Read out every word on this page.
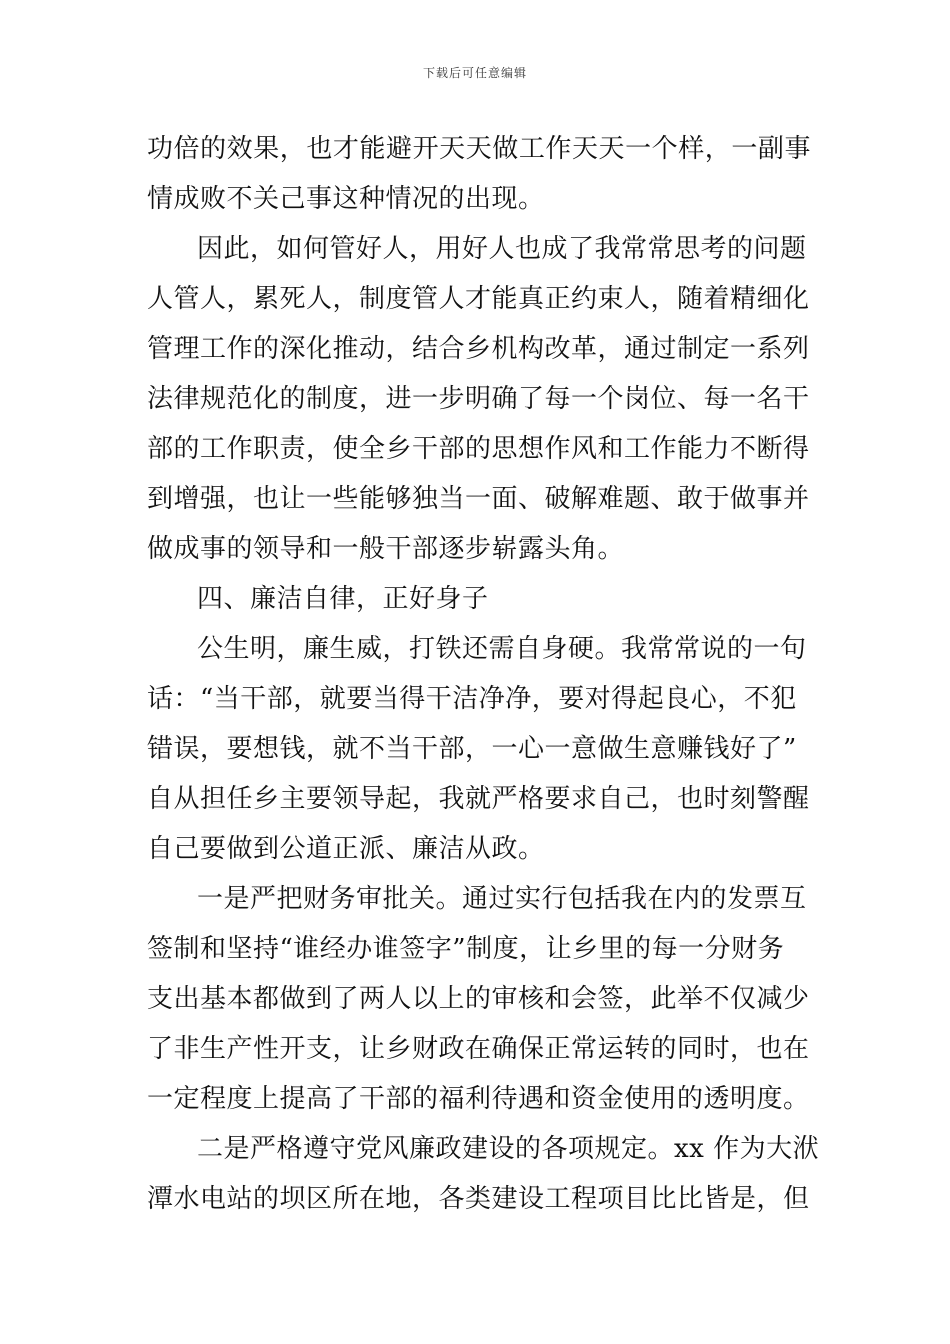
下载后可任意编辑
功倍的效果，也才能避开天天做工作天天一个样，一副事
情成败不关己事这种情况的出现。
因此，如何管好人，用好人也成了我常常思考的问题
人管人，累死人，制度管人才能真正约束人，随着精细化
管理工作的深化推动，结合乡机构改革，通过制定一系列
法律规范化的制度，进一步明确了每一个岗位、每一名干
部的工作职责，使全乡干部的思想作风和工作能力不断得
到增强，也让一些能够独当一面、破解难题、敢于做事并
做成事的领导和一般干部逐步崭露头角。
四、廉洁自律，正好身子
公生明，廉生威，打铁还需自身硬。我常常说的一句
话：“当干部，就要当得干洁净净，要对得起良心，不犯
错误，要想钱，就不当干部，一心一意做生意赚钱好了”
自从担任乡主要领导起，我就严格要求自己，也时刻警醒
自己要做到公道正派、廉洁从政。
一是严把财务审批关。通过实行包括我在内的发票互
签制和坚持“谁经办谁签字”制度，让乡里的每一分财务
支出基本都做到了两人以上的审核和会签，此举不仅减少
了非生产性开支，让乡财政在确保正常运转的同时，也在
一定程度上提高了干部的福利待遇和资金使用的透明度。
二是严格遵守党风廉政建设的各项规定。xx 作为大洑
潭水电站的坝区所在地，各类建设工程项目比比皆是，但
